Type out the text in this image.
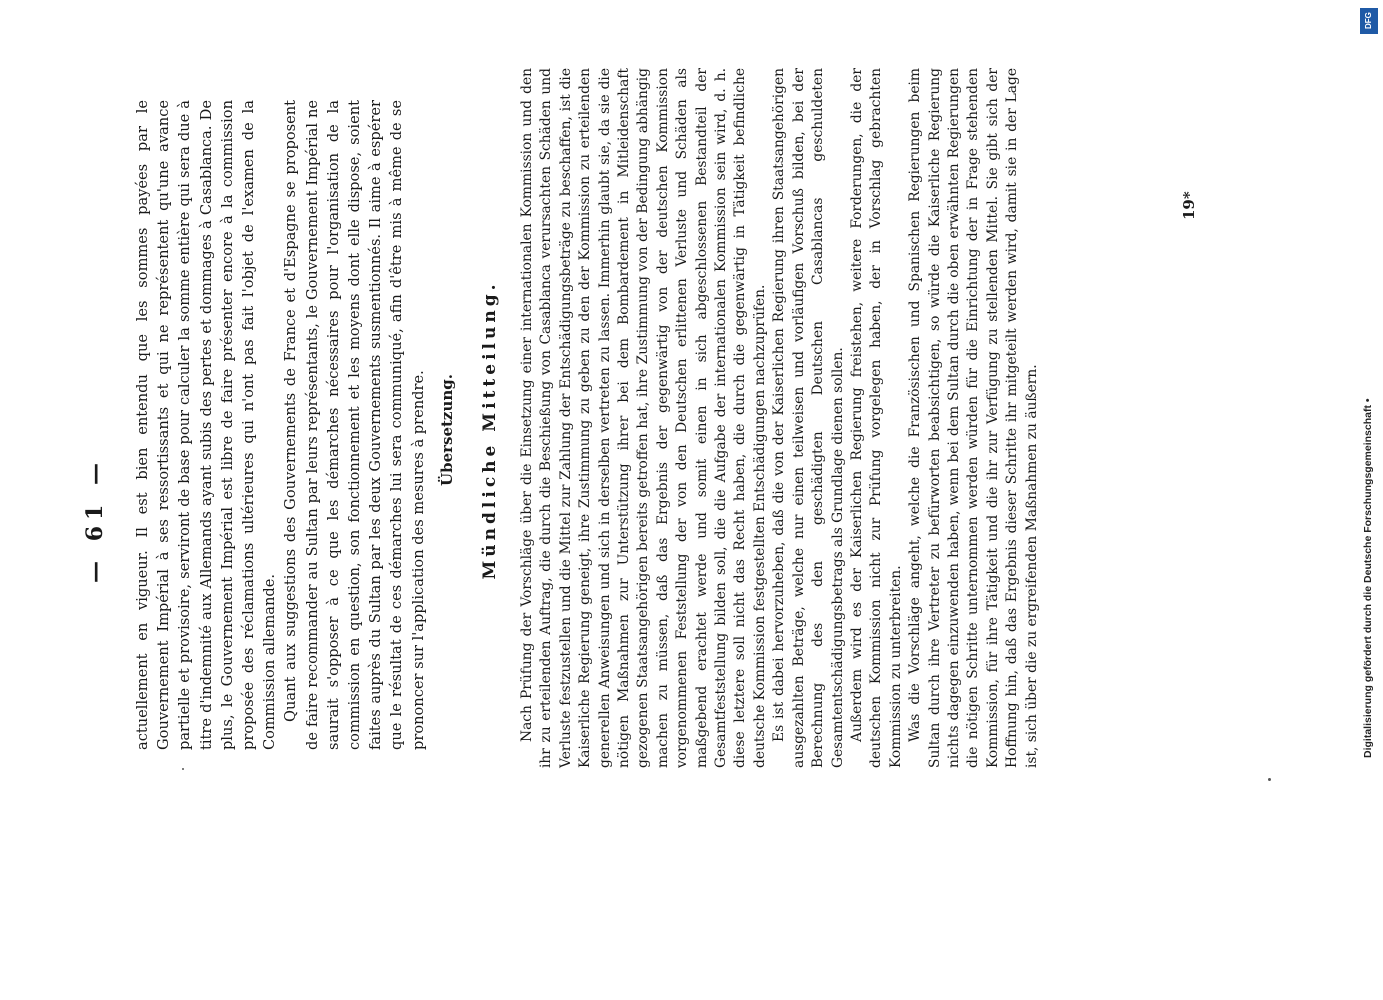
— 61 — actuellement en vigueur. Il est bien entendu que les sommes payées par le Gouvernement Impérial à ses ressortissants et qui ne représentent qu'une avance partielle et provisoire, serviront de base pour calculer la somme entière qui sera due à titre d'indemnité aux Allemands ayant subis des pertes et dommages à Casablanca. De plus, le Gouvernement Impérial est libre de faire présenter encore à la commission proposée des réclamations ultérieures qui n'ont pas fait l'objet de l'examen de la Commission allemande. Quant aux suggestions des Gouvernements de France et d'Espagne se proposent de faire recommander au Sultan par leurs représentants, le Gouvernement Impérial ne saurait s'opposer à ce que les démarches nécessaires pour l'organisation de la commission en question, son fonctionnement et les moyens dont elle dispose, soient faites auprès du Sultan par les deux Gouvernements susmentionnés. Il aime à espérer que le résultat de ces démarches lui sera communiqué, afin d'être mis à même de se prononcer sur l'application des mesures à prendre. Übersetzung. Mündliche Mitteilung. Nach Prüfung der Vorschläge über die Einsetzung einer internationalen Kommission und den ihr zu erteilenden Auftrag, die durch die Beschießung von Casablanca verursachten Schäden und Verluste festzustellen und die Mittel zur Zahlung der Entschädigungsbeträge zu beschaffen, ist die Kaiserliche Regierung geneigt, ihre Zustimmung zu geben zu den der Kommission zu erteilenden generellen Anweisungen und sich in derselben vertreten zu lassen. Immerhin glaubt sie, da sie die nötigen Maßnahmen zur Unterstützung ihrer bei dem Bombardement in Mitleidenschaft gezogenen Staatsangehörigen bereits getroffen hat, ihre Zustimmung von der Bedingung abhängig machen zu müssen, daß das Ergebnis der gegenwärtig von der deutschen Kommission vorgenommenen Feststellung der von den Deutschen erlittenen Verluste und Schäden als maßgebend erachtet werde und somit einen in sich abgeschlossenen Bestandteil der Gesamtfeststellung bilden soll, die die Aufgabe der internationalen Kommission sein wird, d. h. diese letztere soll nicht das Recht haben, die durch die gegenwärtig in Tätigkeit befindliche deutsche Kommission festgestellten Entschädigungen nachzuprüfen. Es ist dabei hervorzuheben, daß die von der Kaiserlichen Regierung ihren Staatsangehörigen ausgezahlten Beträge, welche nur einen teilweisen und vorläufigen Vorschuß bilden, bei der Berechnung des den geschädigten Deutschen Casablancas geschuldeten Gesamtentschädigungsbetrags als Grundlage dienen sollen. Außerdem wird es der Kaiserlichen Regierung freistehen, weitere Forderungen, die der deutschen Kommission nicht zur Prüfung vorgelegen haben, der in Vorschlag gebrachten Kommission zu unterbreiten. Was die Vorschläge angeht, welche die Französischen und Spanischen Regierungen beim Sultan durch ihre Vertreter zu befürworten beabsichtigen, so würde die Kaiserliche Regierung nichts dagegen einzuwenden haben, wenn bei dem Sultan durch die oben erwähnten Regierungen die nötigen Schritte unternommen werden würden für die Einrichtung der in Frage stehenden Kommission, für ihre Tätigkeit und die ihr zur Verfügung zu stellenden Mittel. Sie gibt sich der Hoffnung hin, daß das Ergebnis dieser Schritte ihr mitgeteilt werden wird, damit sie in der Lage ist, sich über die zu ergreifenden Maßnahmen zu äußern.

19*
DFG
Digitalisierung gefördert durch die Deutsche Forschungsgemeinschaft •
